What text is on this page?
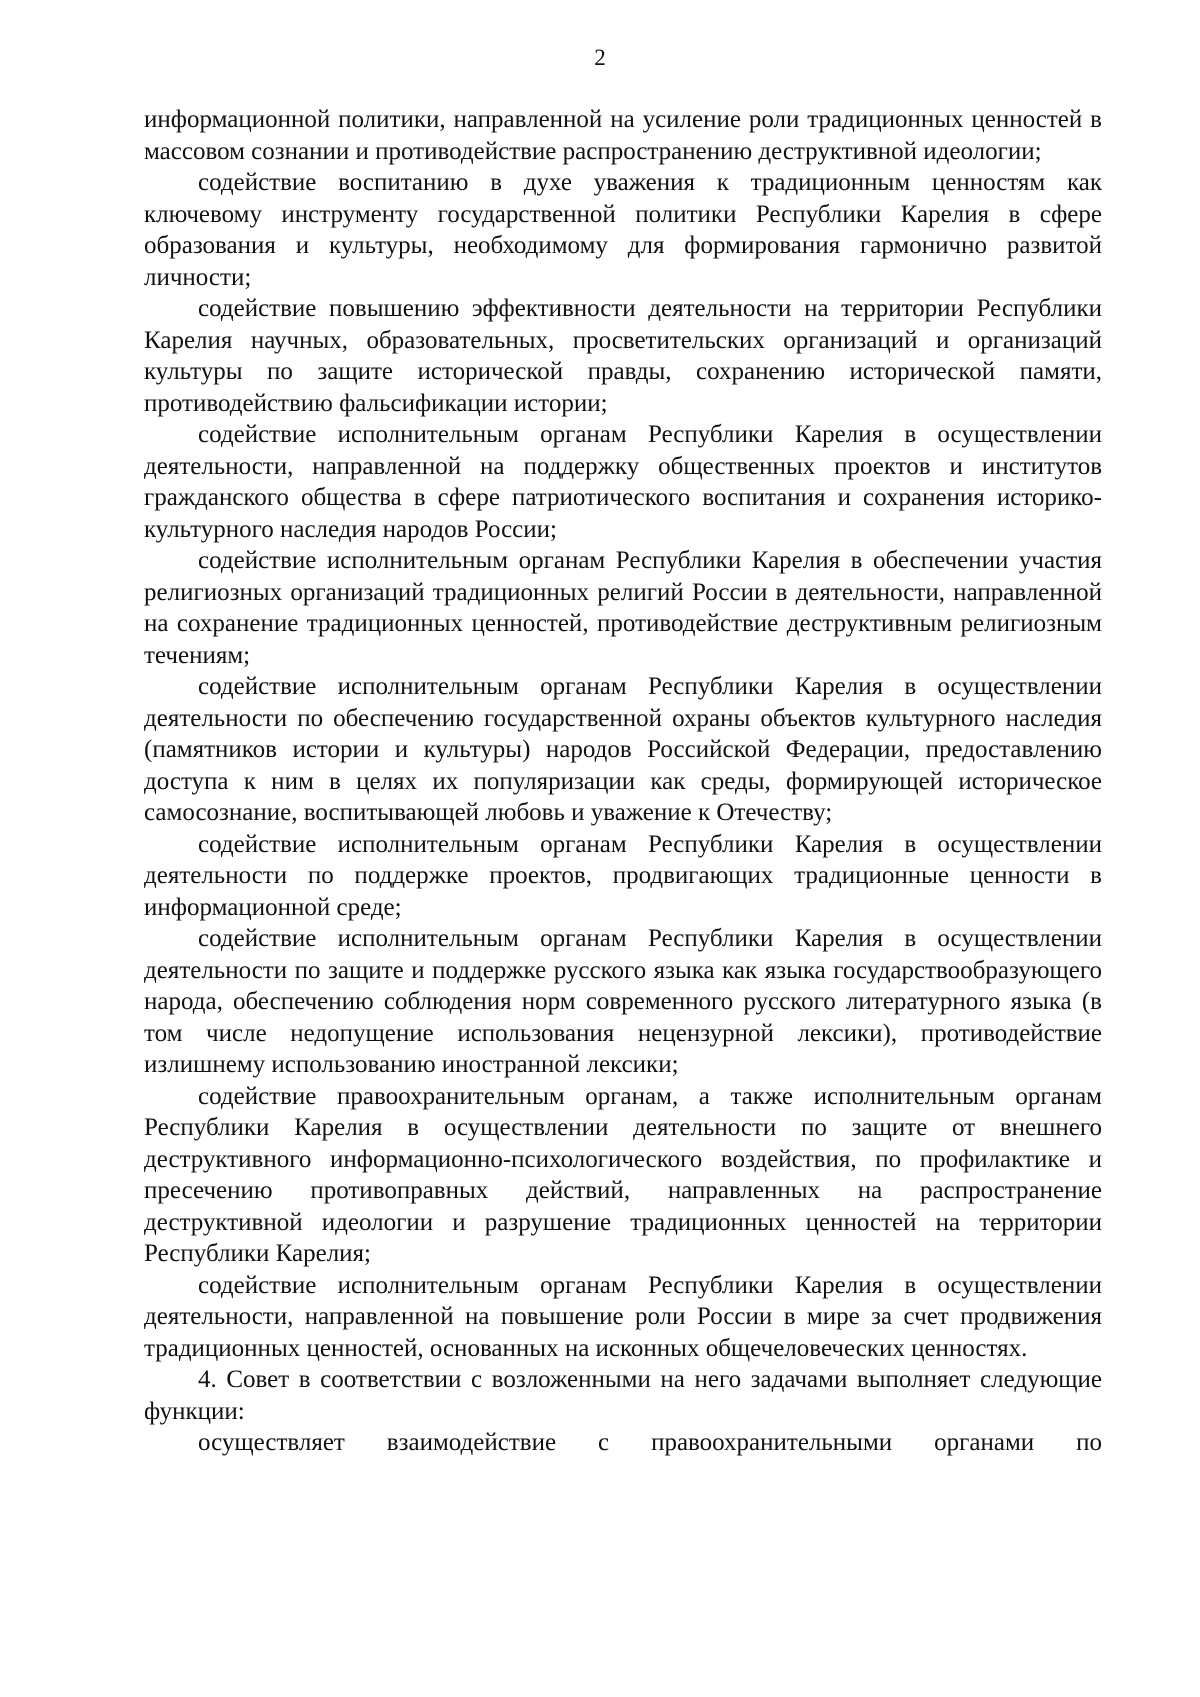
2

информационной политики, направленной на усиление роли традиционных ценностей в массовом сознании и противодействие распространению деструктивной идеологии;

содействие воспитанию в духе уважения к традиционным ценностям как ключевому инструменту государственной политики Республики Карелия в сфере образования и культуры, необходимому для формирования гармонично развитой личности;

содействие повышению эффективности деятельности на территории Республики Карелия научных, образовательных, просветительских организаций и организаций культуры по защите исторической правды, сохранению исторической памяти, противодействию фальсификации истории;

содействие исполнительным органам Республики Карелия в осуществлении деятельности, направленной на поддержку общественных проектов и институтов гражданского общества в сфере патриотического воспитания и сохранения историко-культурного наследия народов России;

содействие исполнительным органам Республики Карелия в обеспечении участия религиозных организаций традиционных религий России в деятельности, направленной на сохранение традиционных ценностей, противодействие деструктивным религиозным течениям;

содействие исполнительным органам Республики Карелия в осуществлении деятельности по обеспечению государственной охраны объектов культурного наследия (памятников истории и культуры) народов Российской Федерации, предоставлению доступа к ним в целях их популяризации как среды, формирующей историческое самосознание, воспитывающей любовь и уважение к Отечеству;

содействие исполнительным органам Республики Карелия в осуществлении деятельности по поддержке проектов, продвигающих традиционные ценности в информационной среде;

содействие исполнительным органам Республики Карелия в осуществлении деятельности по защите и поддержке русского языка как языка государствообразующего народа, обеспечению соблюдения норм современного русского литературного языка (в том числе недопущение использования нецензурной лексики), противодействие излишнему использованию иностранной лексики;

содействие правоохранительным органам, а также исполнительным органам Республики Карелия в осуществлении деятельности по защите от внешнего деструктивного информационно-психологического воздействия, по профилактике и пресечению противоправных действий, направленных на распространение деструктивной идеологии и разрушение традиционных ценностей на территории Республики Карелия;

содействие исполнительным органам Республики Карелия в осуществлении деятельности, направленной на повышение роли России в мире за счет продвижения традиционных ценностей, основанных на исконных общечеловеческих ценностях.

4. Совет в соответствии с возложенными на него задачами выполняет следующие функции:

осуществляет взаимодействие с правоохранительными органами по
